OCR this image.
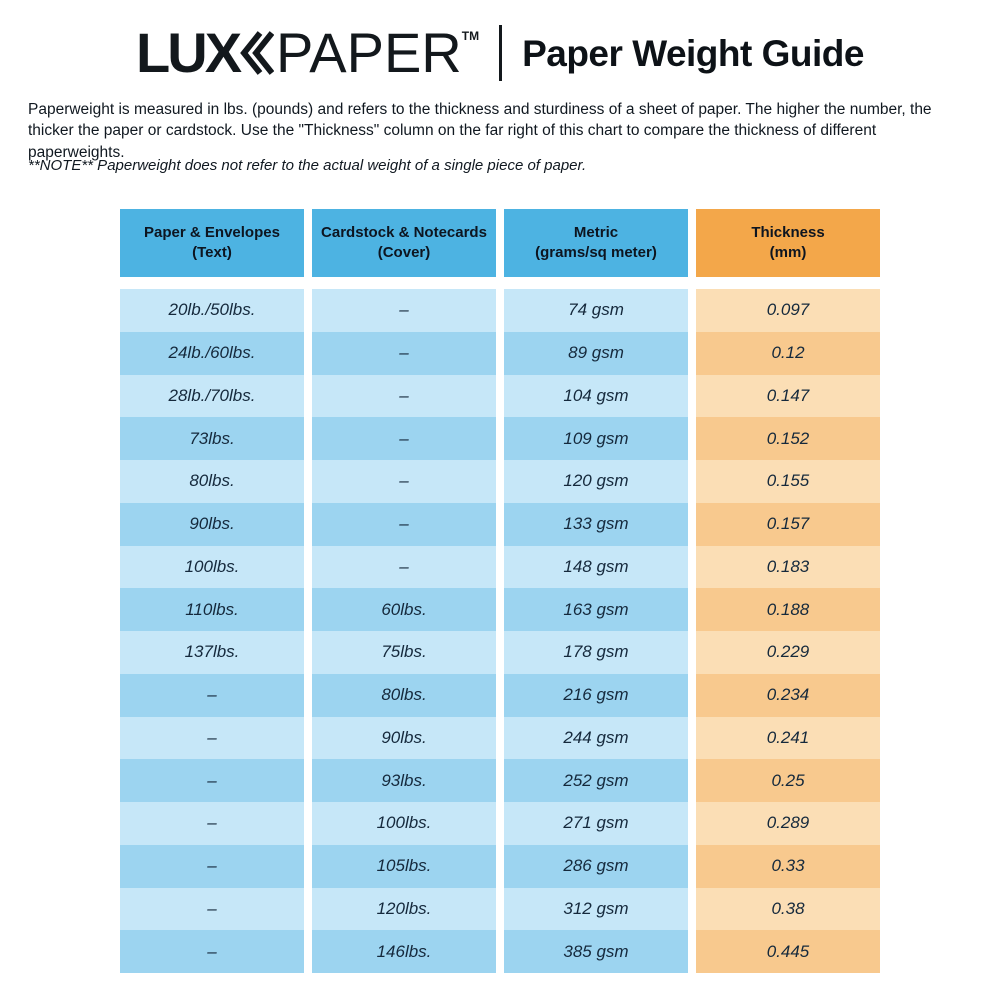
LUX PAPER TM Paper Weight Guide
Paperweight is measured in lbs. (pounds) and refers to the thickness and sturdiness of a sheet of paper. The higher the number, the thicker the paper or cardstock. Use the "Thickness" column on the far right of this chart to compare the thickness of different paperweights.
**NOTE** Paperweight does not refer to the actual weight of a single piece of paper.
Paper & Envelopes
(Text)
Cardstock & Notecards
(Cover)
Metric
(grams/sq meter)
Thickness
(mm)
20lb./50lbs.	–	74 gsm	0.097
24lb./60lbs.	–	89 gsm	0.12
28lb./70lbs.	–	104 gsm	0.147
73lbs.	–	109 gsm	0.152
80lbs.	–	120 gsm	0.155
90lbs.	–	133 gsm	0.157
100lbs.	–	148 gsm	0.183
110lbs.	60lbs.	163 gsm	0.188
137lbs.	75lbs.	178 gsm	0.229
–	80lbs.	216 gsm	0.234
–	90lbs.	244 gsm	0.241
–	93lbs.	252 gsm	0.25
–	100lbs.	271 gsm	0.289
–	105lbs.	286 gsm	0.33
–	120lbs.	312 gsm	0.38
–	146lbs.	385 gsm	0.445
